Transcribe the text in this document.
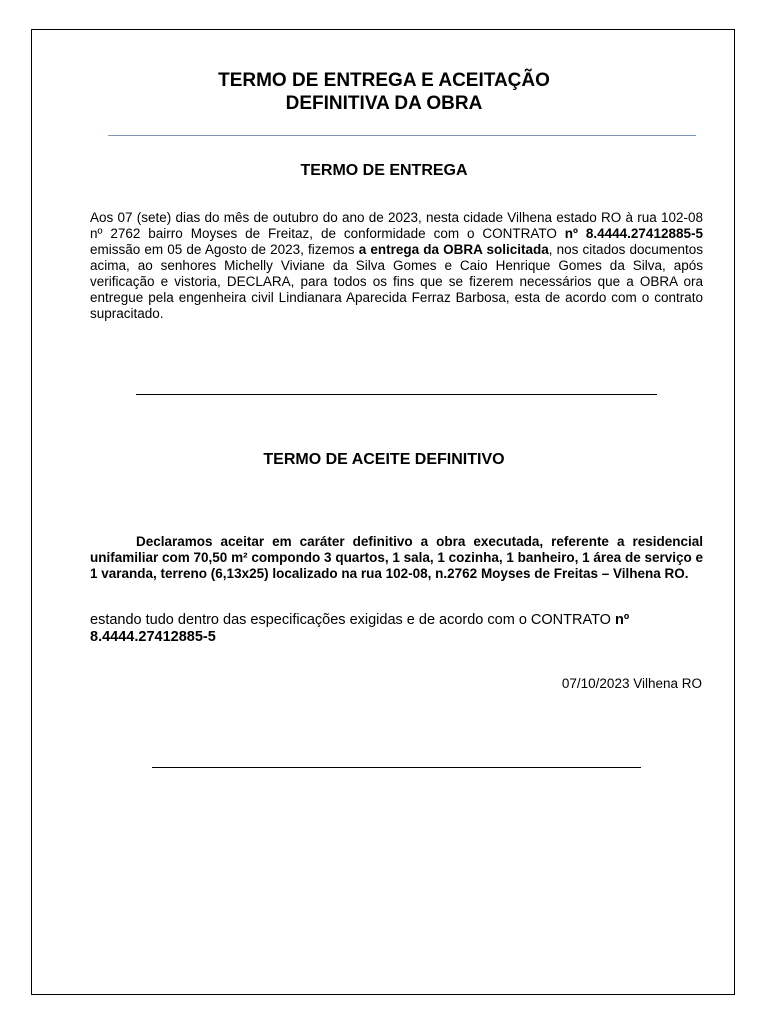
TERMO DE ENTREGA E ACEITAÇÃO
DEFINITIVA DA OBRA
TERMO DE ENTREGA

Aos 07 (sete) dias do mês de outubro do ano de 2023, nesta cidade Vilhena estado RO à rua 102-08 nº 2762 bairro Moyses de Freitaz, de conformidade com o CONTRATO nº 8.4444.27412885-5 emissão em 05 de Agosto de 2023, fizemos a entrega da OBRA solicitada, nos citados documentos acima, ao senhores Michelly Viviane da Silva Gomes e Caio Henrique Gomes da Silva, após verificação e vistoria, DECLARA, para todos os fins que se fizerem necessários que a OBRA ora entregue pela engenheira civil Lindianara Aparecida Ferraz Barbosa, esta de acordo com o contrato supracitado.

TERMO DE ACEITE DEFINITIVO

Declaramos aceitar em caráter definitivo a obra executada, referente a residencial unifamiliar com 70,50 m² compondo 3 quartos, 1 sala, 1 cozinha, 1 banheiro, 1 área de serviço e 1 varanda, terreno (6,13x25) localizado na rua 102-08, n.2762 Moyses de Freitas – Vilhena RO.

estando tudo dentro das especificações exigidas e de acordo com o CONTRATO nº 8.4444.27412885-5

07/10/2023 Vilhena RO
